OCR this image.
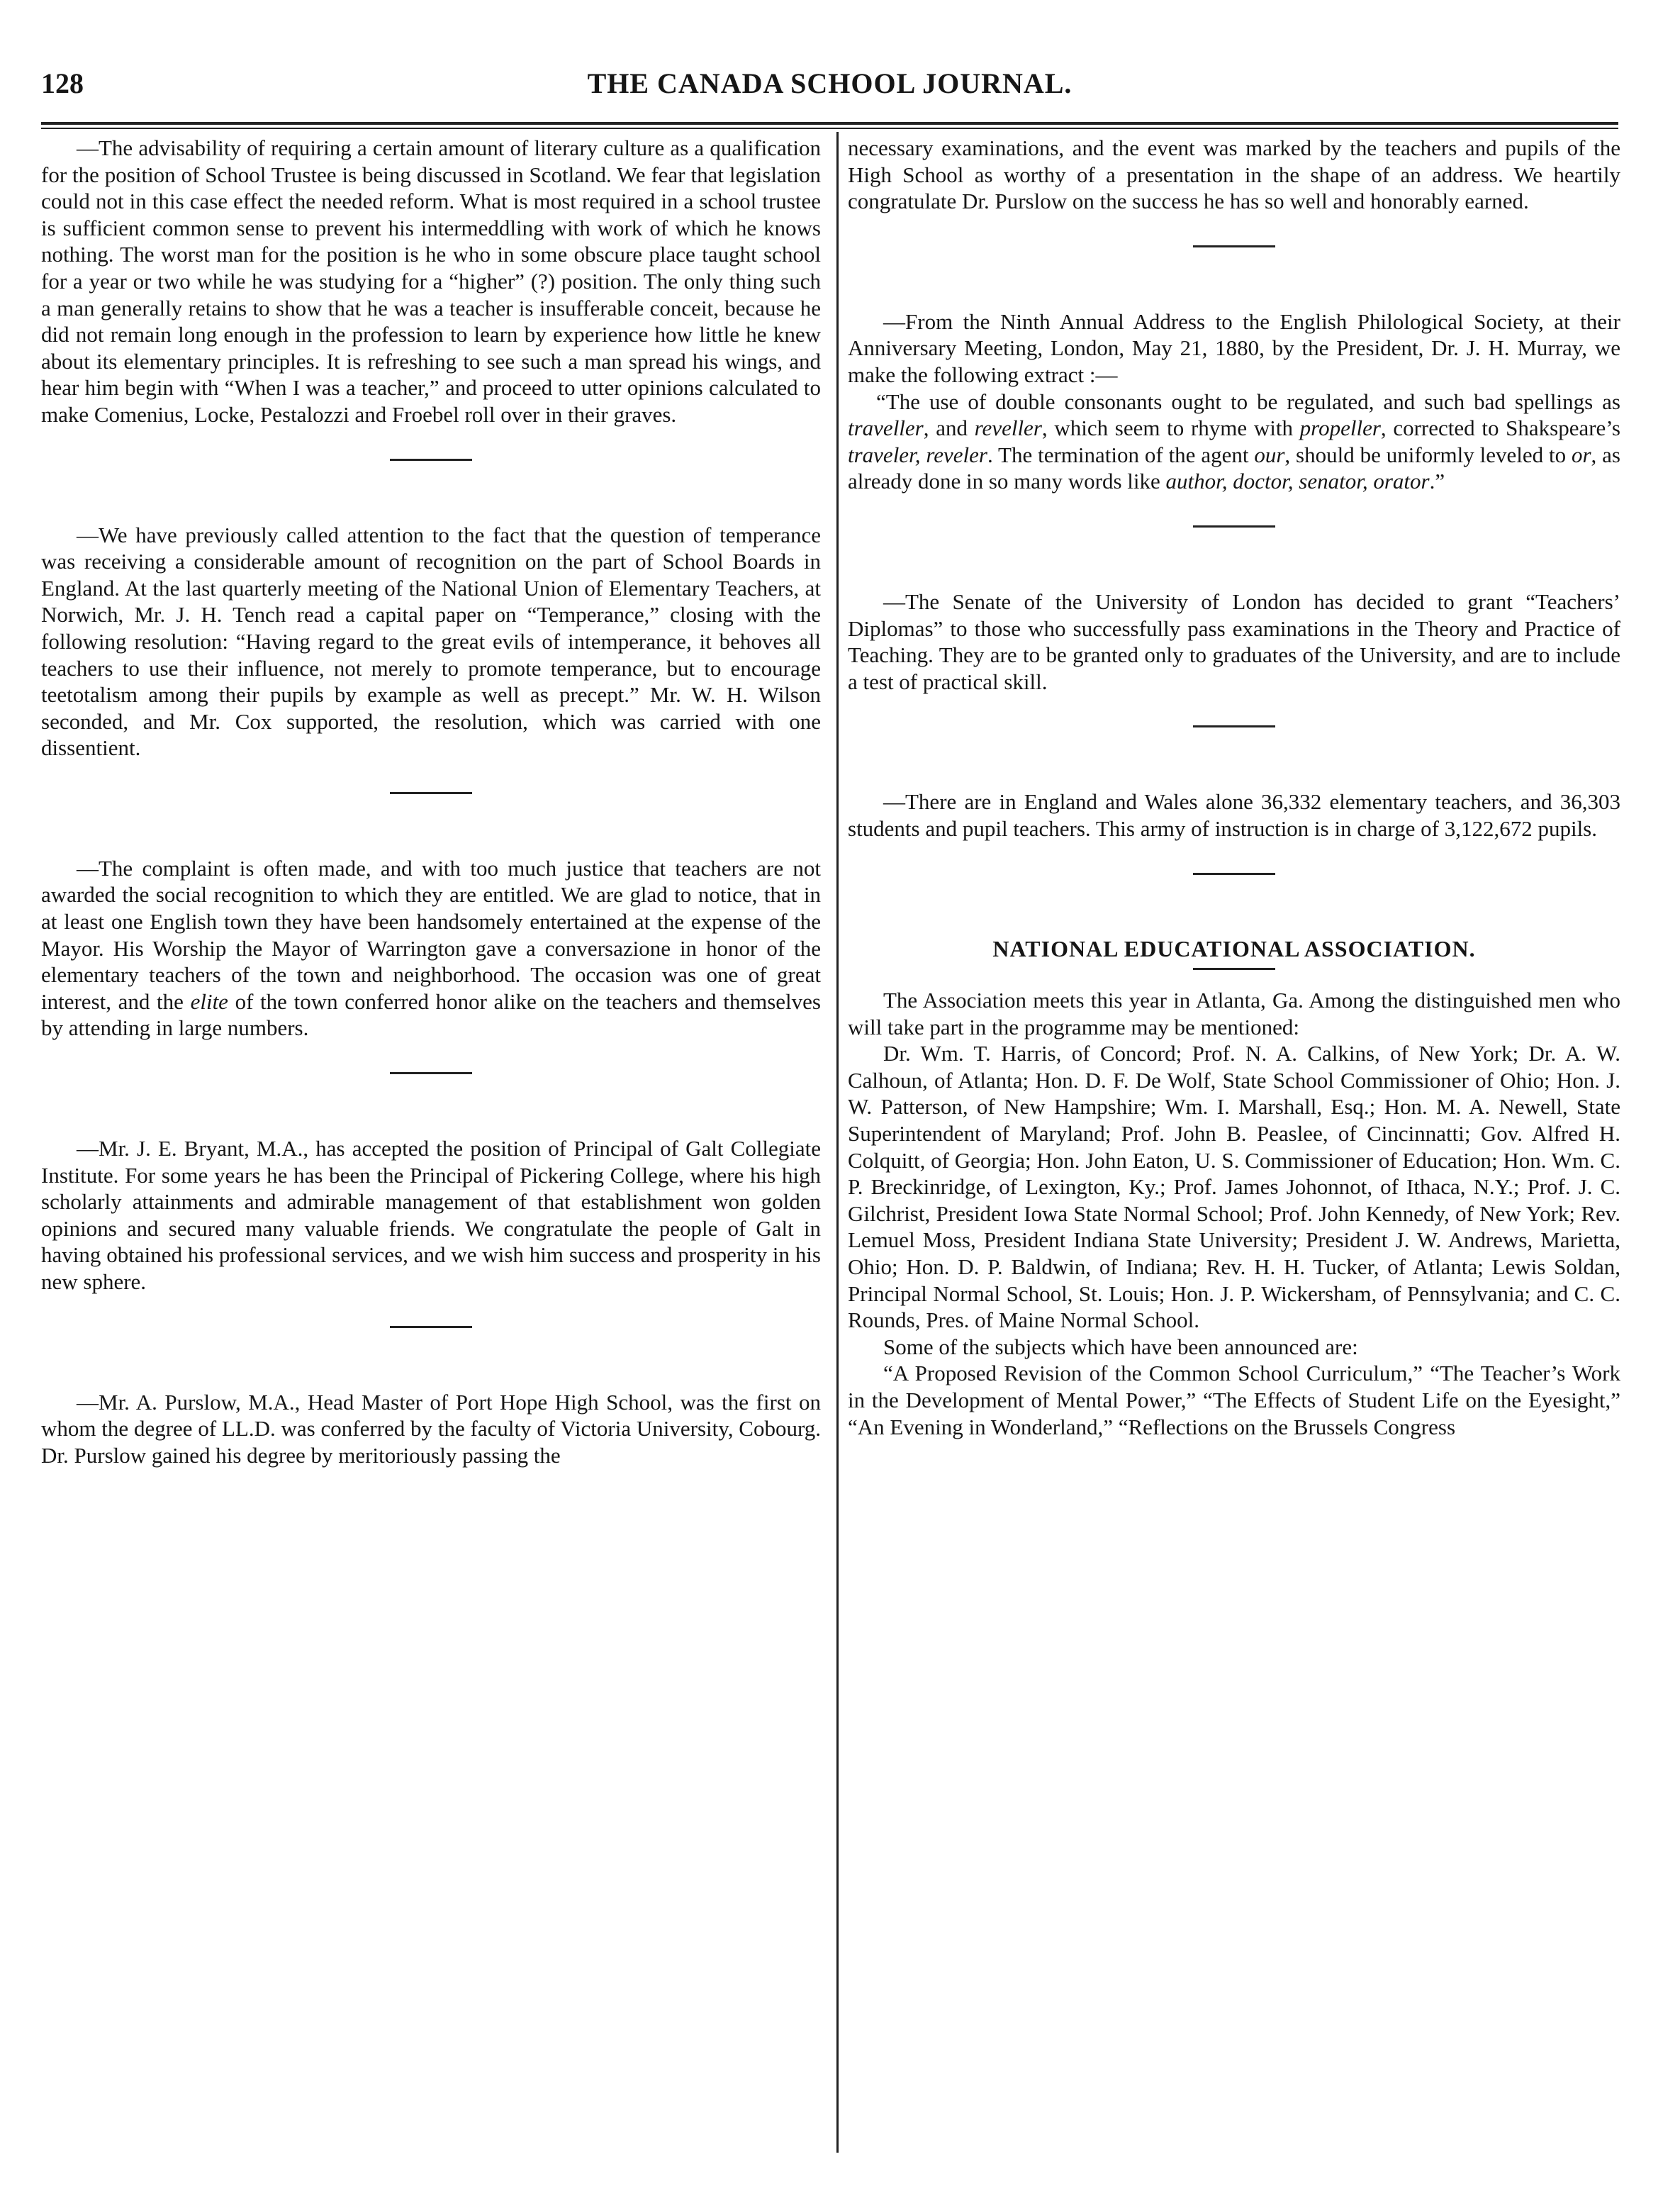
128	THE CANADA SCHOOL JOURNAL.

—The advisability of requiring a certain amount of literary culture as a qualification for the position of School Trustee is being discussed in Scotland. We fear that legislation could not in this case effect the needed reform. What is most required in a school trustee is sufficient common sense to prevent his intermeddling with work of which he knows nothing. The worst man for the position is he who in some obscure place taught school for a year or two while he was studying for a “higher” (?) position. The only thing such a man generally retains to show that he was a teacher is insufferable conceit, because he did not remain long enough in the profession to learn by experience how little he knew about its elementary principles. It is refreshing to see such a man spread his wings, and hear him begin with “When I was a teacher,” and proceed to utter opinions calculated to make Comenius, Locke, Pestalozzi and Froebel roll over in their graves.

—We have previously called attention to the fact that the question of temperance was receiving a considerable amount of recognition on the part of School Boards in England. At the last quarterly meeting of the National Union of Elementary Teachers, at Norwich, Mr. J. H. Tench read a capital paper on “Temperance,” closing with the following resolution: “Having regard to the great evils of intemperance, it behoves all teachers to use their influence, not merely to promote temperance, but to encourage teetotalism among their pupils by example as well as precept.” Mr. W. H. Wilson seconded, and Mr. Cox supported, the resolution, which was carried with one dissentient.

—The complaint is often made, and with too much justice that teachers are not awarded the social recognition to which they are entitled. We are glad to notice, that in at least one English town they have been handsomely entertained at the expense of the Mayor. His Worship the Mayor of Warrington gave a conversazione in honor of the elementary teachers of the town and neighborhood. The occasion was one of great interest, and the elite of the town conferred honor alike on the teachers and themselves by attending in large numbers.

—Mr. J. E. Bryant, M.A., has accepted the position of Principal of Galt Collegiate Institute. For some years he has been the Principal of Pickering College, where his high scholarly attainments and admirable management of that establishment won golden opinions and secured many valuable friends. We congratulate the people of Galt in having obtained his professional services, and we wish him success and prosperity in his new sphere.

—Mr. A. Purslow, M.A., Head Master of Port Hope High School, was the first on whom the degree of LL.D. was conferred by the faculty of Victoria University, Cobourg. Dr. Purslow gained his degree by meritoriously passing the

necessary examinations, and the event was marked by the teachers and pupils of the High School as worthy of a presentation in the shape of an address. We heartily congratulate Dr. Purslow on the success he has so well and honorably earned.

—From the Ninth Annual Address to the English Philological Society, at their Anniversary Meeting, London, May 21, 1880, by the President, Dr. J. H. Murray, we make the following extract :—

“The use of double consonants ought to be regulated, and such bad spellings as traveller, and reveller, which seem to rhyme with propeller, corrected to Shakspeare’s traveler, reveler. The termination of the agent our, should be uniformly leveled to or, as already done in so many words like author, doctor, senator, orator.”

—The Senate of the University of London has decided to grant “Teachers’ Diplomas” to those who successfully pass examinations in the Theory and Practice of Teaching. They are to be granted only to graduates of the University, and are to include a test of practical skill.

—There are in England and Wales alone 36,332 elementary teachers, and 36,303 students and pupil teachers. This army of instruction is in charge of 3,122,672 pupils.

NATIONAL EDUCATIONAL ASSOCIATION.

The Association meets this year in Atlanta, Ga. Among the distinguished men who will take part in the programme may be mentioned:

Dr. Wm. T. Harris, of Concord; Prof. N. A. Calkins, of New York; Dr. A. W. Calhoun, of Atlanta; Hon. D. F. De Wolf, State School Commissioner of Ohio; Hon. J. W. Patterson, of New Hampshire; Wm. I. Marshall, Esq.; Hon. M. A. Newell, State Superintendent of Maryland; Prof. John B. Peaslee, of Cincinnatti; Gov. Alfred H. Colquitt, of Georgia; Hon. John Eaton, U. S. Commissioner of Education; Hon. Wm. C. P. Breckinridge, of Lexington, Ky.; Prof. James Johonnot, of Ithaca, N.Y.; Prof. J. C. Gilchrist, President Iowa State Normal School; Prof. John Kennedy, of New York; Rev. Lemuel Moss, President Indiana State University; President J. W. Andrews, Marietta, Ohio; Hon. D. P. Baldwin, of Indiana; Rev. H. H. Tucker, of Atlanta; Lewis Soldan, Principal Normal School, St. Louis; Hon. J. P. Wickersham, of Pennsylvania; and C. C. Rounds, Pres. of Maine Normal School.

Some of the subjects which have been announced are:

“A Proposed Revision of the Common School Curriculum,” “The Teacher’s Work in the Development of Mental Power,” “The Effects of Student Life on the Eyesight,” “An Evening in Wonderland,” “Reflections on the Brussels Congress
